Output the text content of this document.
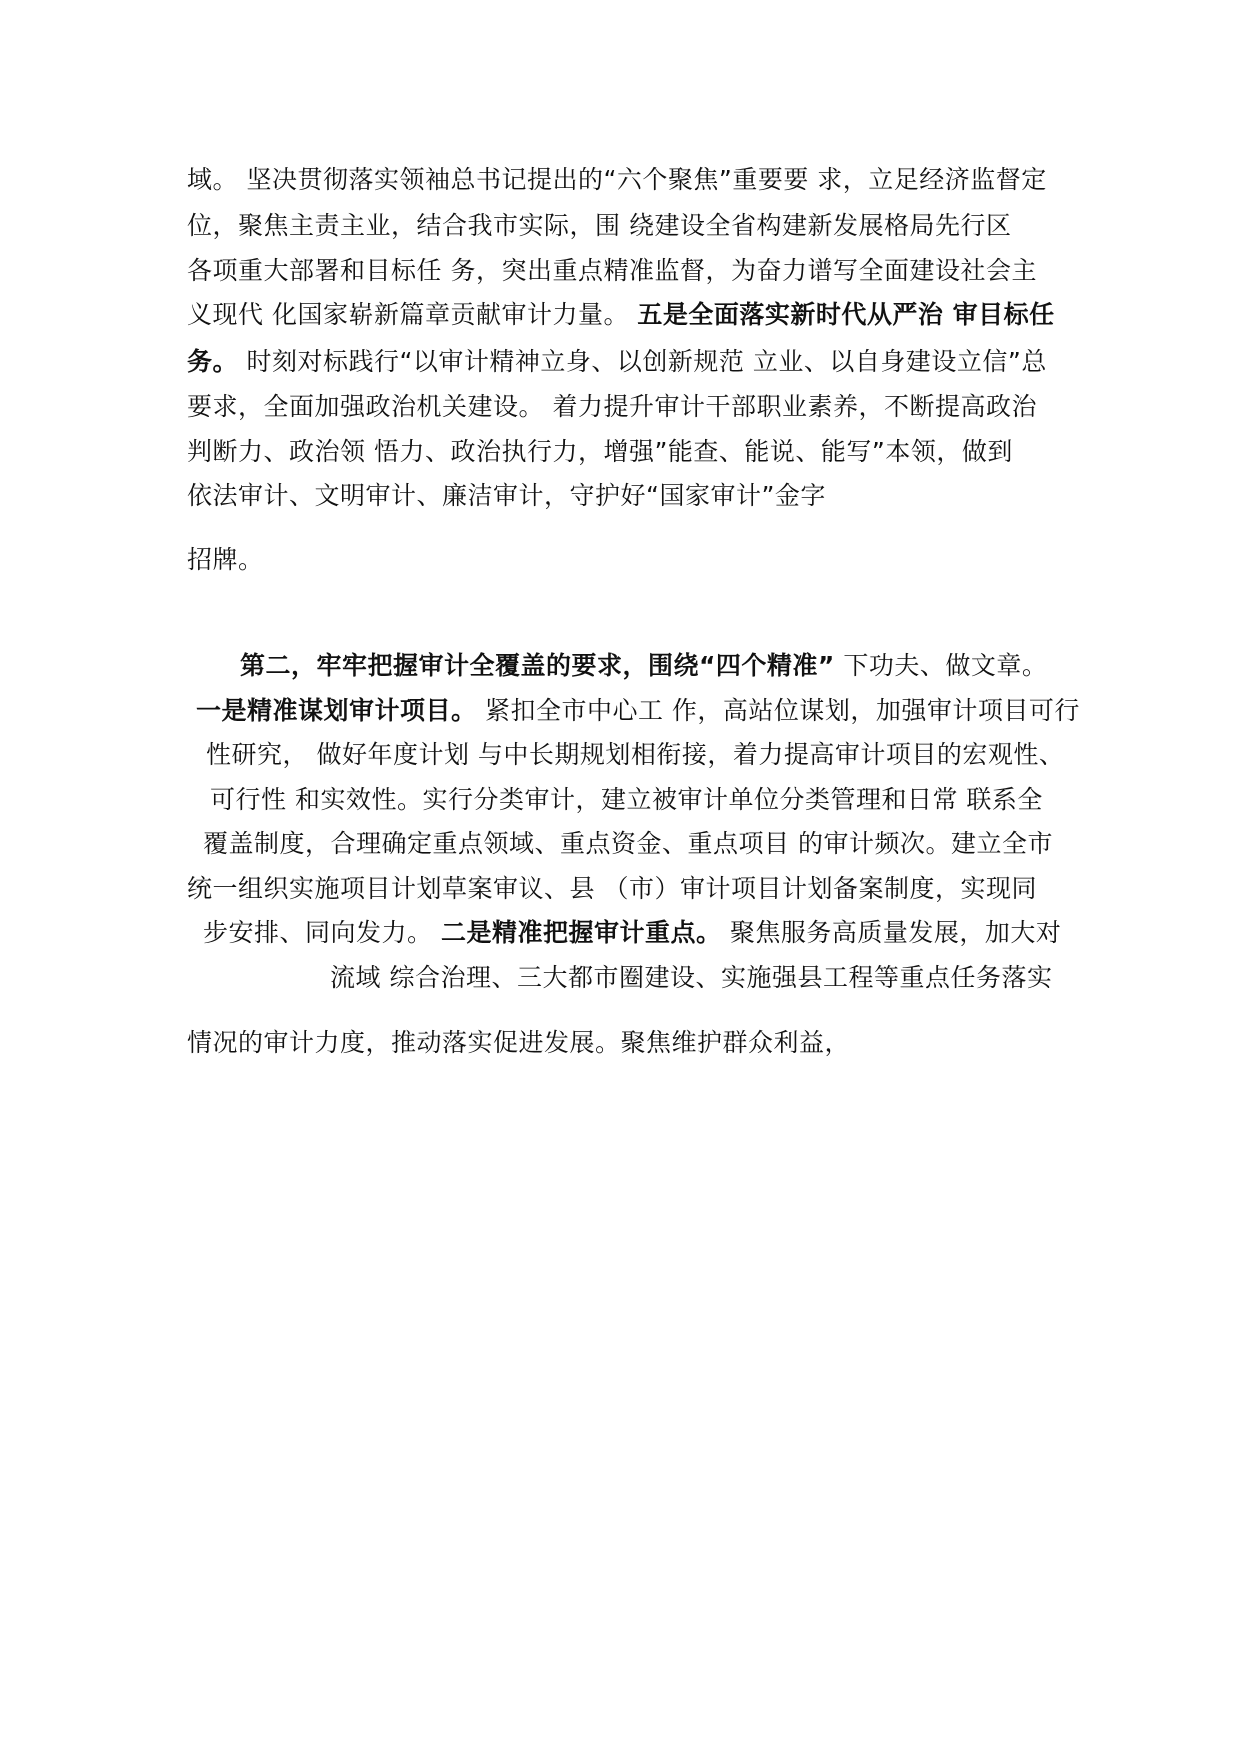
域。 坚决贯彻落实领袖总书记提出的“六个聚焦”重要要 求，立足经济监督定
位，聚焦主责主业，结合我市实际，围 绕建设全省构建新发展格局先行区
各项重大部署和目标任 务，突出重点精准监督，为奋力谱写全面建设社会主
义现代 化国家崭新篇章贡献审计力量。 五是全面落实新时代从严治 审目标任
务。 时刻对标践行“以审计精神立身、以创新规范 立业、以自身建设立信”总
要求，全面加强政治机关建设。 着力提升审计干部职业素养，不断提高政治
判断力、政治领 悟力、政治执行力，增强”能查、能说、能写”本领，做到
依法审计、文明审计、廉洁审计，守护好“国家审计”金字
招牌。
第二，牢牢把握审计全覆盖的要求，围绕“四个精准” 下功夫、做文章。
一是精准谋划审计项目。 紧扣全市中心工 作，高站位谋划，加强审计项目可行
性研究， 做好年度计划 与中长期规划相衔接，着力提高审计项目的宏观性、
可行性 和实效性。实行分类审计，建立被审计单位分类管理和日常 联系全
覆盖制度，合理确定重点领域、重点资金、重点项目 的审计频次。建立全市
统一组织实施项目计划草案审议、县 （市）审计项目计划备案制度，实现同
步安排、同向发力。 二是精准把握审计重点。 聚焦服务高质量发展，加大对
流域 综合治理、三大都市圈建设、实施强县工程等重点任务落实
情况的审计力度，推动落实促进发展。聚焦维护群众利益，
